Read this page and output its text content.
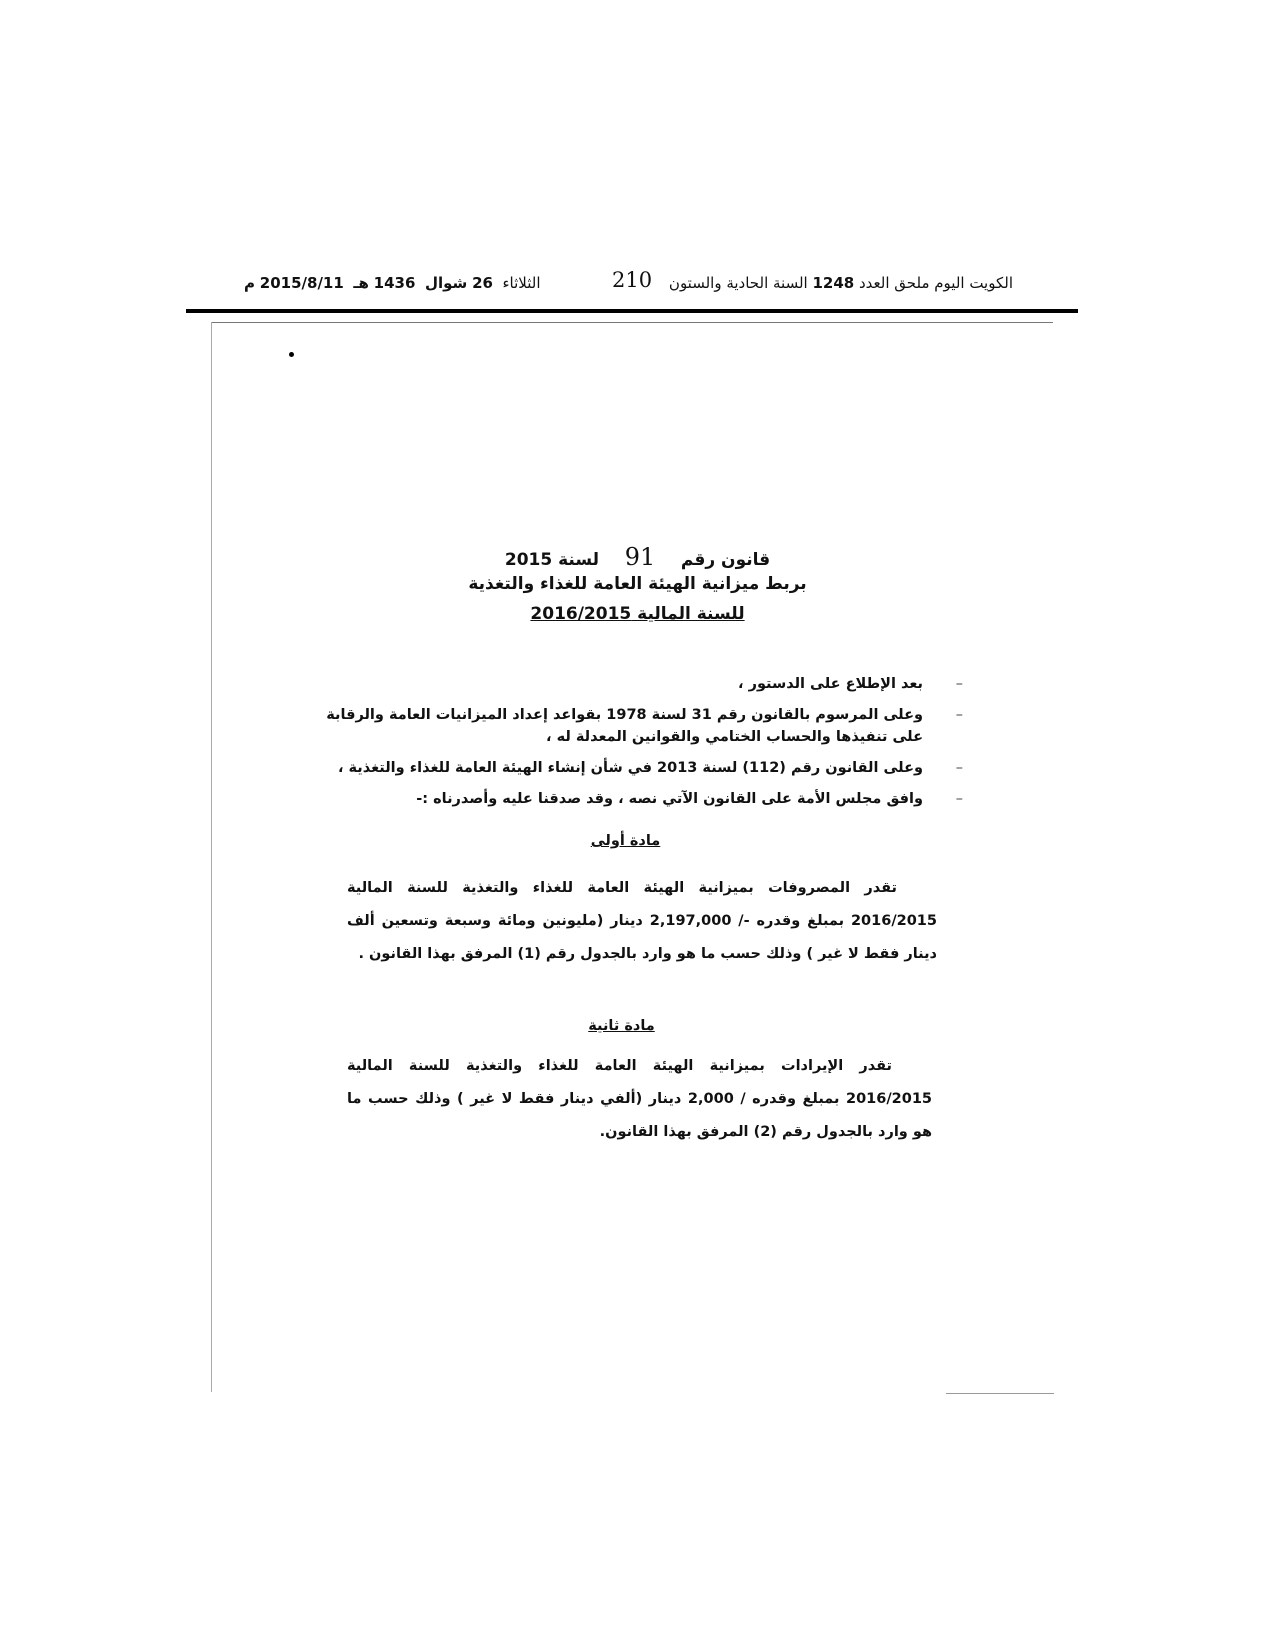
الكويت اليوم ملحق العدد 1248 السنة الحادية والستون
210
الثلاثاء  26 شوال  1436 هـ  2015/8/11 م
قانون رقم 91 لسنة 2015
بربط ميزانية الهيئة العامة للغذاء والتغذية
للسنة المالية 2016/2015
– بعد الإطلاع على الدستور ،
– وعلى المرسوم بالقانون رقم 31 لسنة 1978 بقواعد إعداد الميزانيات العامة والرقابة على تنفيذها والحساب الختامي والقوانين المعدلة له ،
– وعلى القانون رقم (112) لسنة 2013 في شأن إنشاء الهيئة العامة للغذاء والتغذية ،
– وافق مجلس الأمة على القانون الآتي نصه ، وقد صدقنا عليه وأصدرناه :-
مادة أولى
تقدر المصروفات بميزانية الهيئة العامة للغذاء والتغذية للسنة المالية 2016/2015 بمبلغ وقدره -/ 2,197,000 دينار (مليونين ومائة وسبعة وتسعين ألف دينار فقط لا غير ) وذلك حسب ما هو وارد بالجدول رقم (1) المرفق بهذا القانون .
مادة ثانية
تقدر الإيرادات بميزانية الهيئة العامة للغذاء والتغذية للسنة المالية 2016/2015 بمبلغ وقدره / 2,000 دينار (ألفي دينار فقط لا غير ) وذلك حسب ما هو وارد بالجدول رقم (2) المرفق بهذا القانون.
